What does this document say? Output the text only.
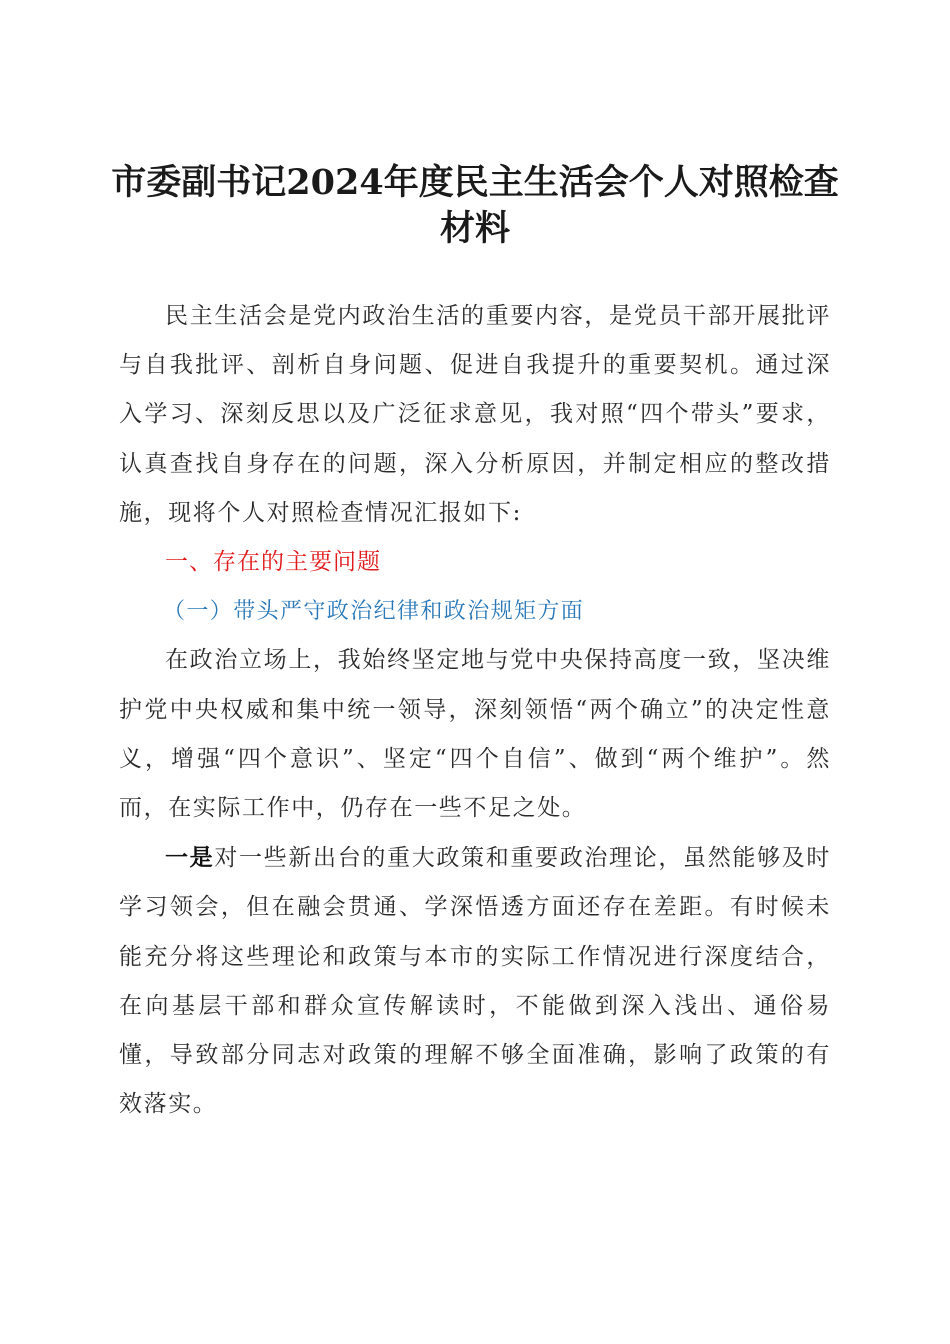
市委副书记2024年度民主生活会个人对照检查材料

民主生活会是党内政治生活的重要内容，是党员干部开展批评与自我批评、剖析自身问题、促进自我提升的重要契机。通过深入学习、深刻反思以及广泛征求意见，我对照“四个带头”要求，认真查找自身存在的问题，深入分析原因，并制定相应的整改措施，现将个人对照检查情况汇报如下:

一、存在的主要问题

（一）带头严守政治纪律和政治规矩方面

在政治立场上，我始终坚定地与党中央保持高度一致，坚决维护党中央权威和集中统一领导，深刻领悟“两个确立”的决定性意义，增强“四个意识”、坚定“四个自信”、做到“两个维护”。然而，在实际工作中，仍存在一些不足之处。

一是对一些新出台的重大政策和重要政治理论，虽然能够及时学习领会，但在融会贯通、学深悟透方面还存在差距。有时候未能充分将这些理论和政策与本市的实际工作情况进行深度结合，在向基层干部和群众宣传解读时，不能做到深入浅出、通俗易懂，导致部分同志对政策的理解不够全面准确，影响了政策的有效落实。
